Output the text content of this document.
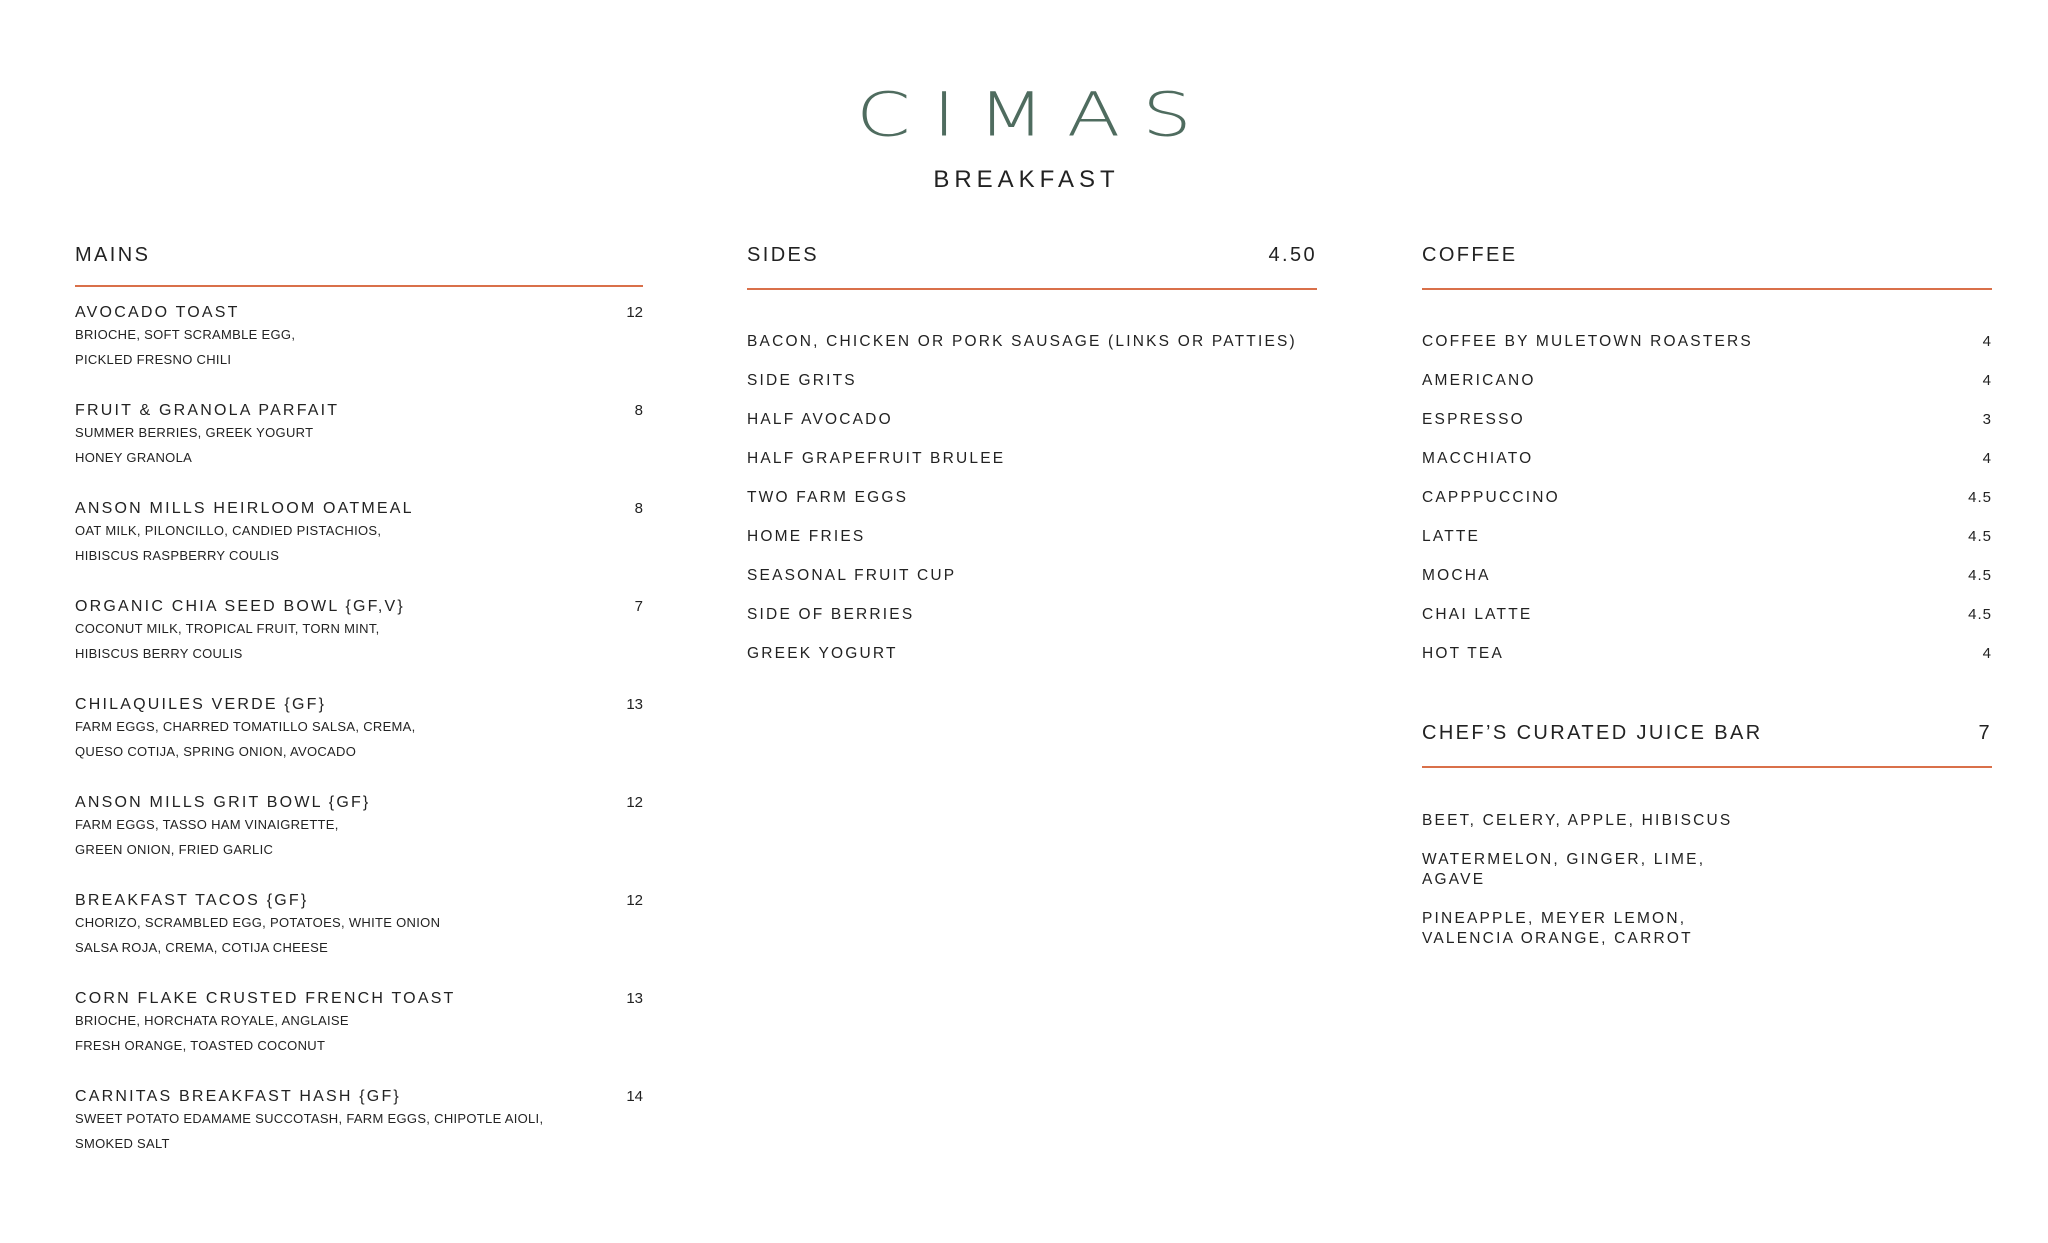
CIMAS
BREAKFAST
MAINS
AVOCADO TOAST	12
BRIOCHE, SOFT SCRAMBLE EGG,
PICKLED FRESNO CHILI
FRUIT & GRANOLA PARFAIT	8
SUMMER BERRIES, GREEK YOGURT
HONEY GRANOLA
ANSON MILLS HEIRLOOM OATMEAL	8
OAT MILK, PILONCILLO, CANDIED PISTACHIOS,
HIBISCUS RASPBERRY COULIS
ORGANIC CHIA SEED BOWL {GF,V}	7
COCONUT MILK, TROPICAL FRUIT, TORN MINT,
HIBISCUS BERRY COULIS
CHILAQUILES VERDE {GF}	13
FARM EGGS, CHARRED TOMATILLO SALSA, CREMA,
QUESO COTIJA, SPRING ONION, AVOCADO
ANSON MILLS GRIT BOWL {GF}	12
FARM EGGS, TASSO HAM VINAIGRETTE,
GREEN ONION, FRIED GARLIC
BREAKFAST TACOS {GF}	12
CHORIZO, SCRAMBLED EGG, POTATOES, WHITE ONION
SALSA ROJA, CREMA, COTIJA CHEESE
CORN FLAKE CRUSTED FRENCH TOAST	13
BRIOCHE, HORCHATA ROYALE, ANGLAISE
FRESH ORANGE, TOASTED COCONUT
CARNITAS BREAKFAST HASH {GF}	14
SWEET POTATO EDAMAME SUCCOTASH, FARM EGGS, CHIPOTLE AIOLI,
SMOKED SALT
SIDES	4.50
BACON, CHICKEN OR PORK SAUSAGE (LINKS OR PATTIES)
SIDE GRITS
HALF AVOCADO
HALF GRAPEFRUIT BRULEE
TWO FARM EGGS
HOME FRIES
SEASONAL FRUIT CUP
SIDE OF BERRIES
GREEK YOGURT
COFFEE
COFFEE BY MULETOWN ROASTERS	4
AMERICANO	4
ESPRESSO	3
MACCHIATO	4
CAPPPUCCINO	4.5
LATTE	4.5
MOCHA	4.5
CHAI LATTE	4.5
HOT TEA	4
CHEF’S CURATED JUICE BAR	7
BEET, CELERY, APPLE, HIBISCUS
WATERMELON, GINGER, LIME, AGAVE
PINEAPPLE, MEYER LEMON,
VALENCIA ORANGE, CARROT
